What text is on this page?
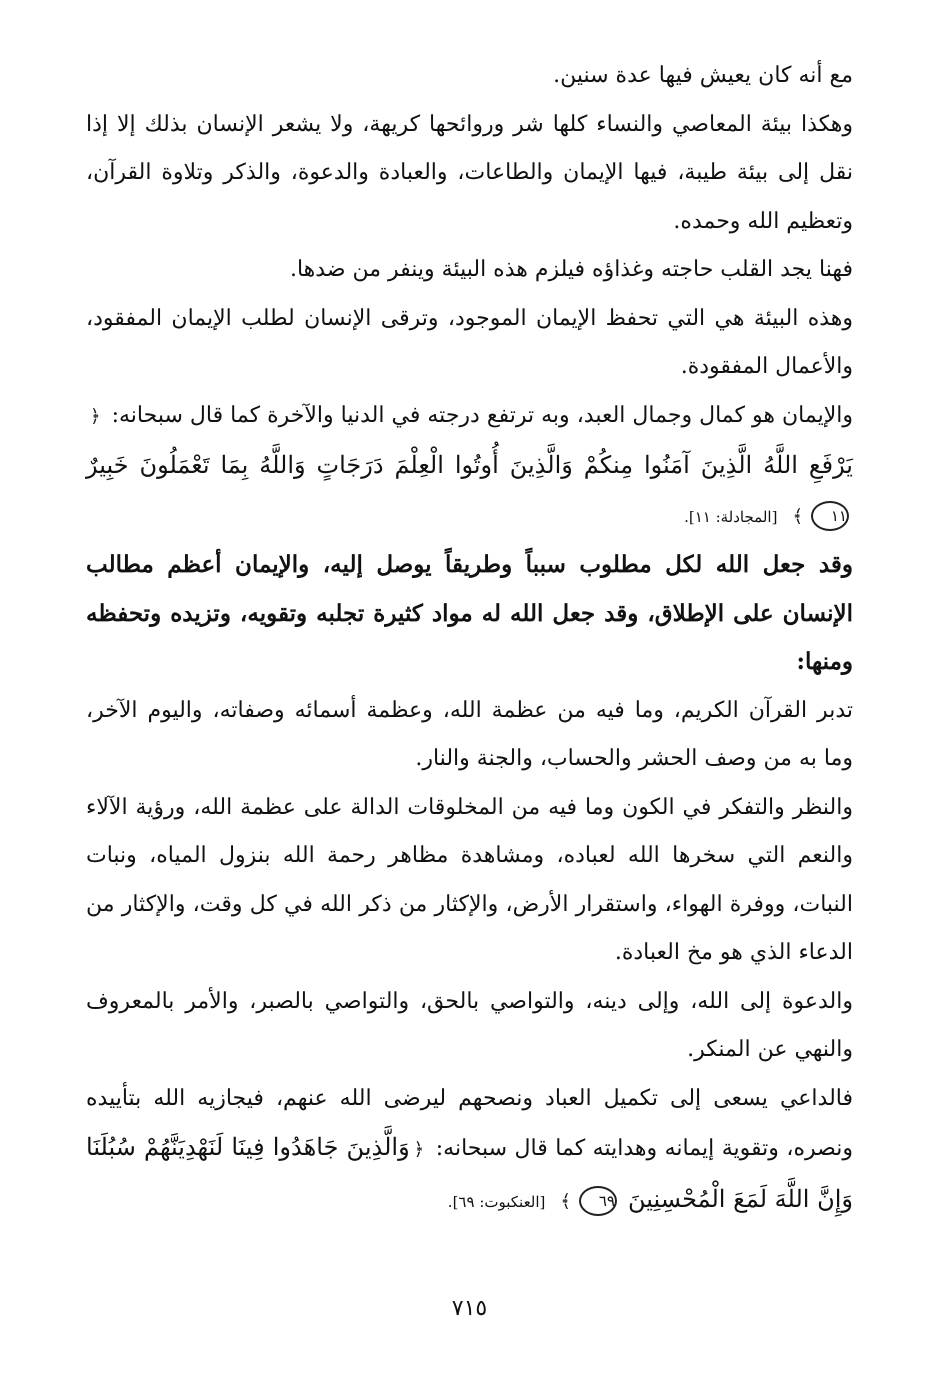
مع أنه كان يعيش فيها عدة سنين.

وهكذا بيئة المعاصي والنساء كلها شر وروائحها كريهة، ولا يشعر الإنسان بذلك إلا إذا نقل إلى بيئة طيبة، فيها الإيمان والطاعات، والعبادة والدعوة، والذكر وتلاوة القرآن، وتعظيم الله وحمده.

فهنا يجد القلب حاجته وغذاؤه فيلزم هذه البيئة وينفر من ضدها.

وهذه البيئة هي التي تحفظ الإيمان الموجود، وترقى الإنسان لطلب الإيمان المفقود، والأعمال المفقودة.

والإيمان هو كمال وجمال العبد، وبه ترتفع درجته في الدنيا والآخرة كما قال سبحانه: ﴿يَرْفَعِ اللَّهُ الَّذِينَ آمَنُوا مِنكُمْ وَالَّذِينَ أُوتُوا الْعِلْمَ دَرَجَاتٍ وَاللَّهُ بِمَا تَعْمَلُونَ خَبِيرٌ ١١﴾ [المجادلة: ١١].

وقد جعل الله لكل مطلوب سبباً وطريقاً يوصل إليه، والإيمان أعظم مطالب الإنسان على الإطلاق، وقد جعل الله له مواد كثيرة تجلبه وتقويه، وتزيده وتحفظه ومنها:

تدبر القرآن الكريم، وما فيه من عظمة الله، وعظمة أسمائه وصفاته، واليوم الآخر، وما به من وصف الحشر والحساب، والجنة والنار.

والنظر والتفكر في الكون وما فيه من المخلوقات الدالة على عظمة الله، ورؤية الآلاء والنعم التي سخرها الله لعباده، ومشاهدة مظاهر رحمة الله بنزول المياه، ونبات النبات، ووفرة الهواء، واستقرار الأرض، والإكثار من ذكر الله في كل وقت، والإكثار من الدعاء الذي هو مخ العبادة.

والدعوة إلى الله، وإلى دينه، والتواصي بالحق، والتواصي بالصبر، والأمر بالمعروف والنهي عن المنكر.

فالداعي يسعى إلى تكميل العباد ونصحهم ليرضى الله عنهم، فيجازيه الله بتأييده ونصره، وتقوية إيمانه وهدايته كما قال سبحانه: ﴿وَالَّذِينَ جَاهَدُوا فِينَا لَنَهْدِيَنَّهُمْ سُبُلَنَا وَإِنَّ اللَّهَ لَمَعَ الْمُحْسِنِينَ ٦٩﴾ [العنكبوت: ٦٩].

٧١٥
